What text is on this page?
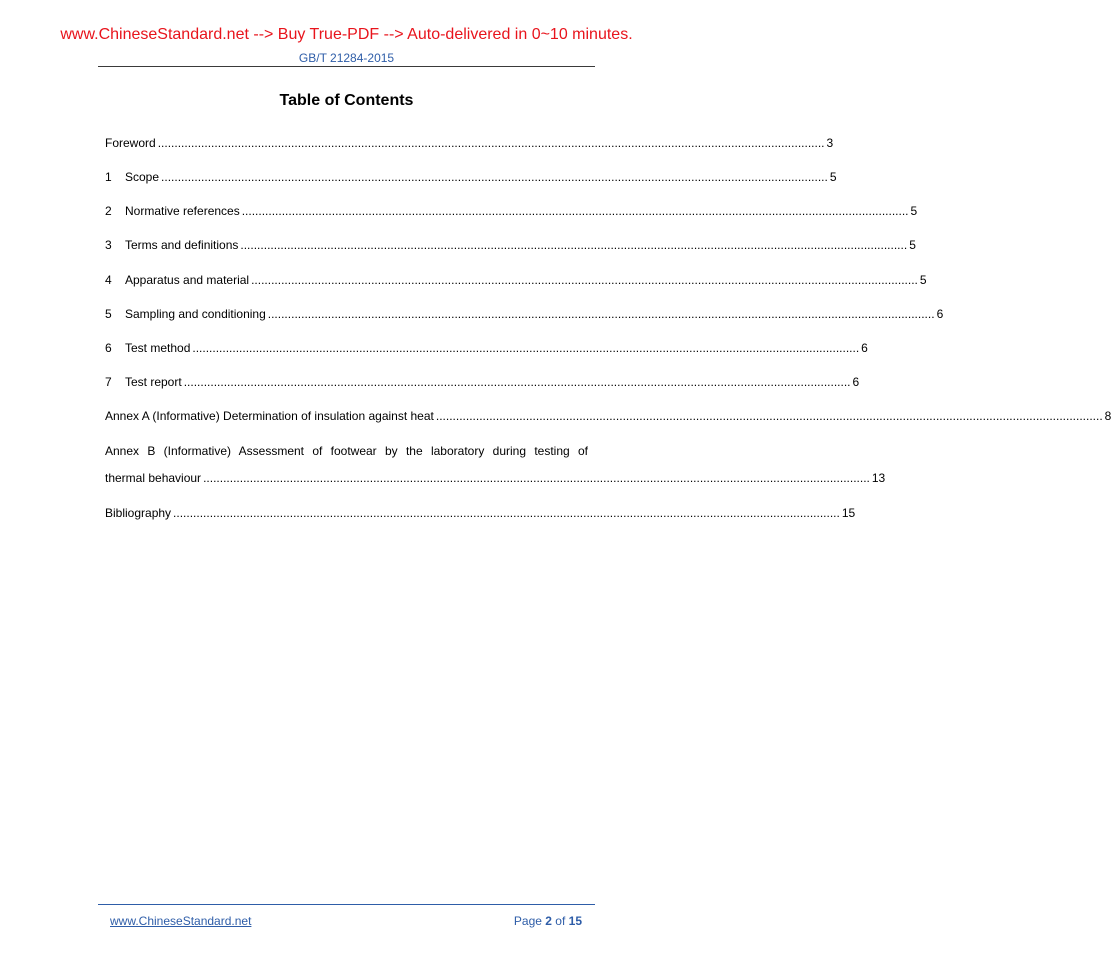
www.ChineseStandard.net --> Buy True-PDF --> Auto-delivered in 0~10 minutes.
GB/T 21284-2015
Table of Contents
Foreword ........................................................................................................................................................................................................ 3
1	Scope ........................................................................................................................................................................................................ 5
2	Normative references ........................................................................................................................................................................................................ 5
3	Terms and definitions ........................................................................................................................................................................................................ 5
4	Apparatus and material ........................................................................................................................................................................................................ 5
5	Sampling and conditioning ........................................................................................................................................................................................................ 6
6	Test method ........................................................................................................................................................................................................ 6
7	Test report ........................................................................................................................................................................................................ 6
Annex A (Informative) Determination of insulation against heat ........................................................................................................................................................................................................ 8
Annex B (Informative) Assessment of footwear by the laboratory during testing of
thermal behaviour ........................................................................................................................................................................................................ 13
Bibliography ........................................................................................................................................................................................................ 15
www.ChineseStandard.net	Page 2 of 15
